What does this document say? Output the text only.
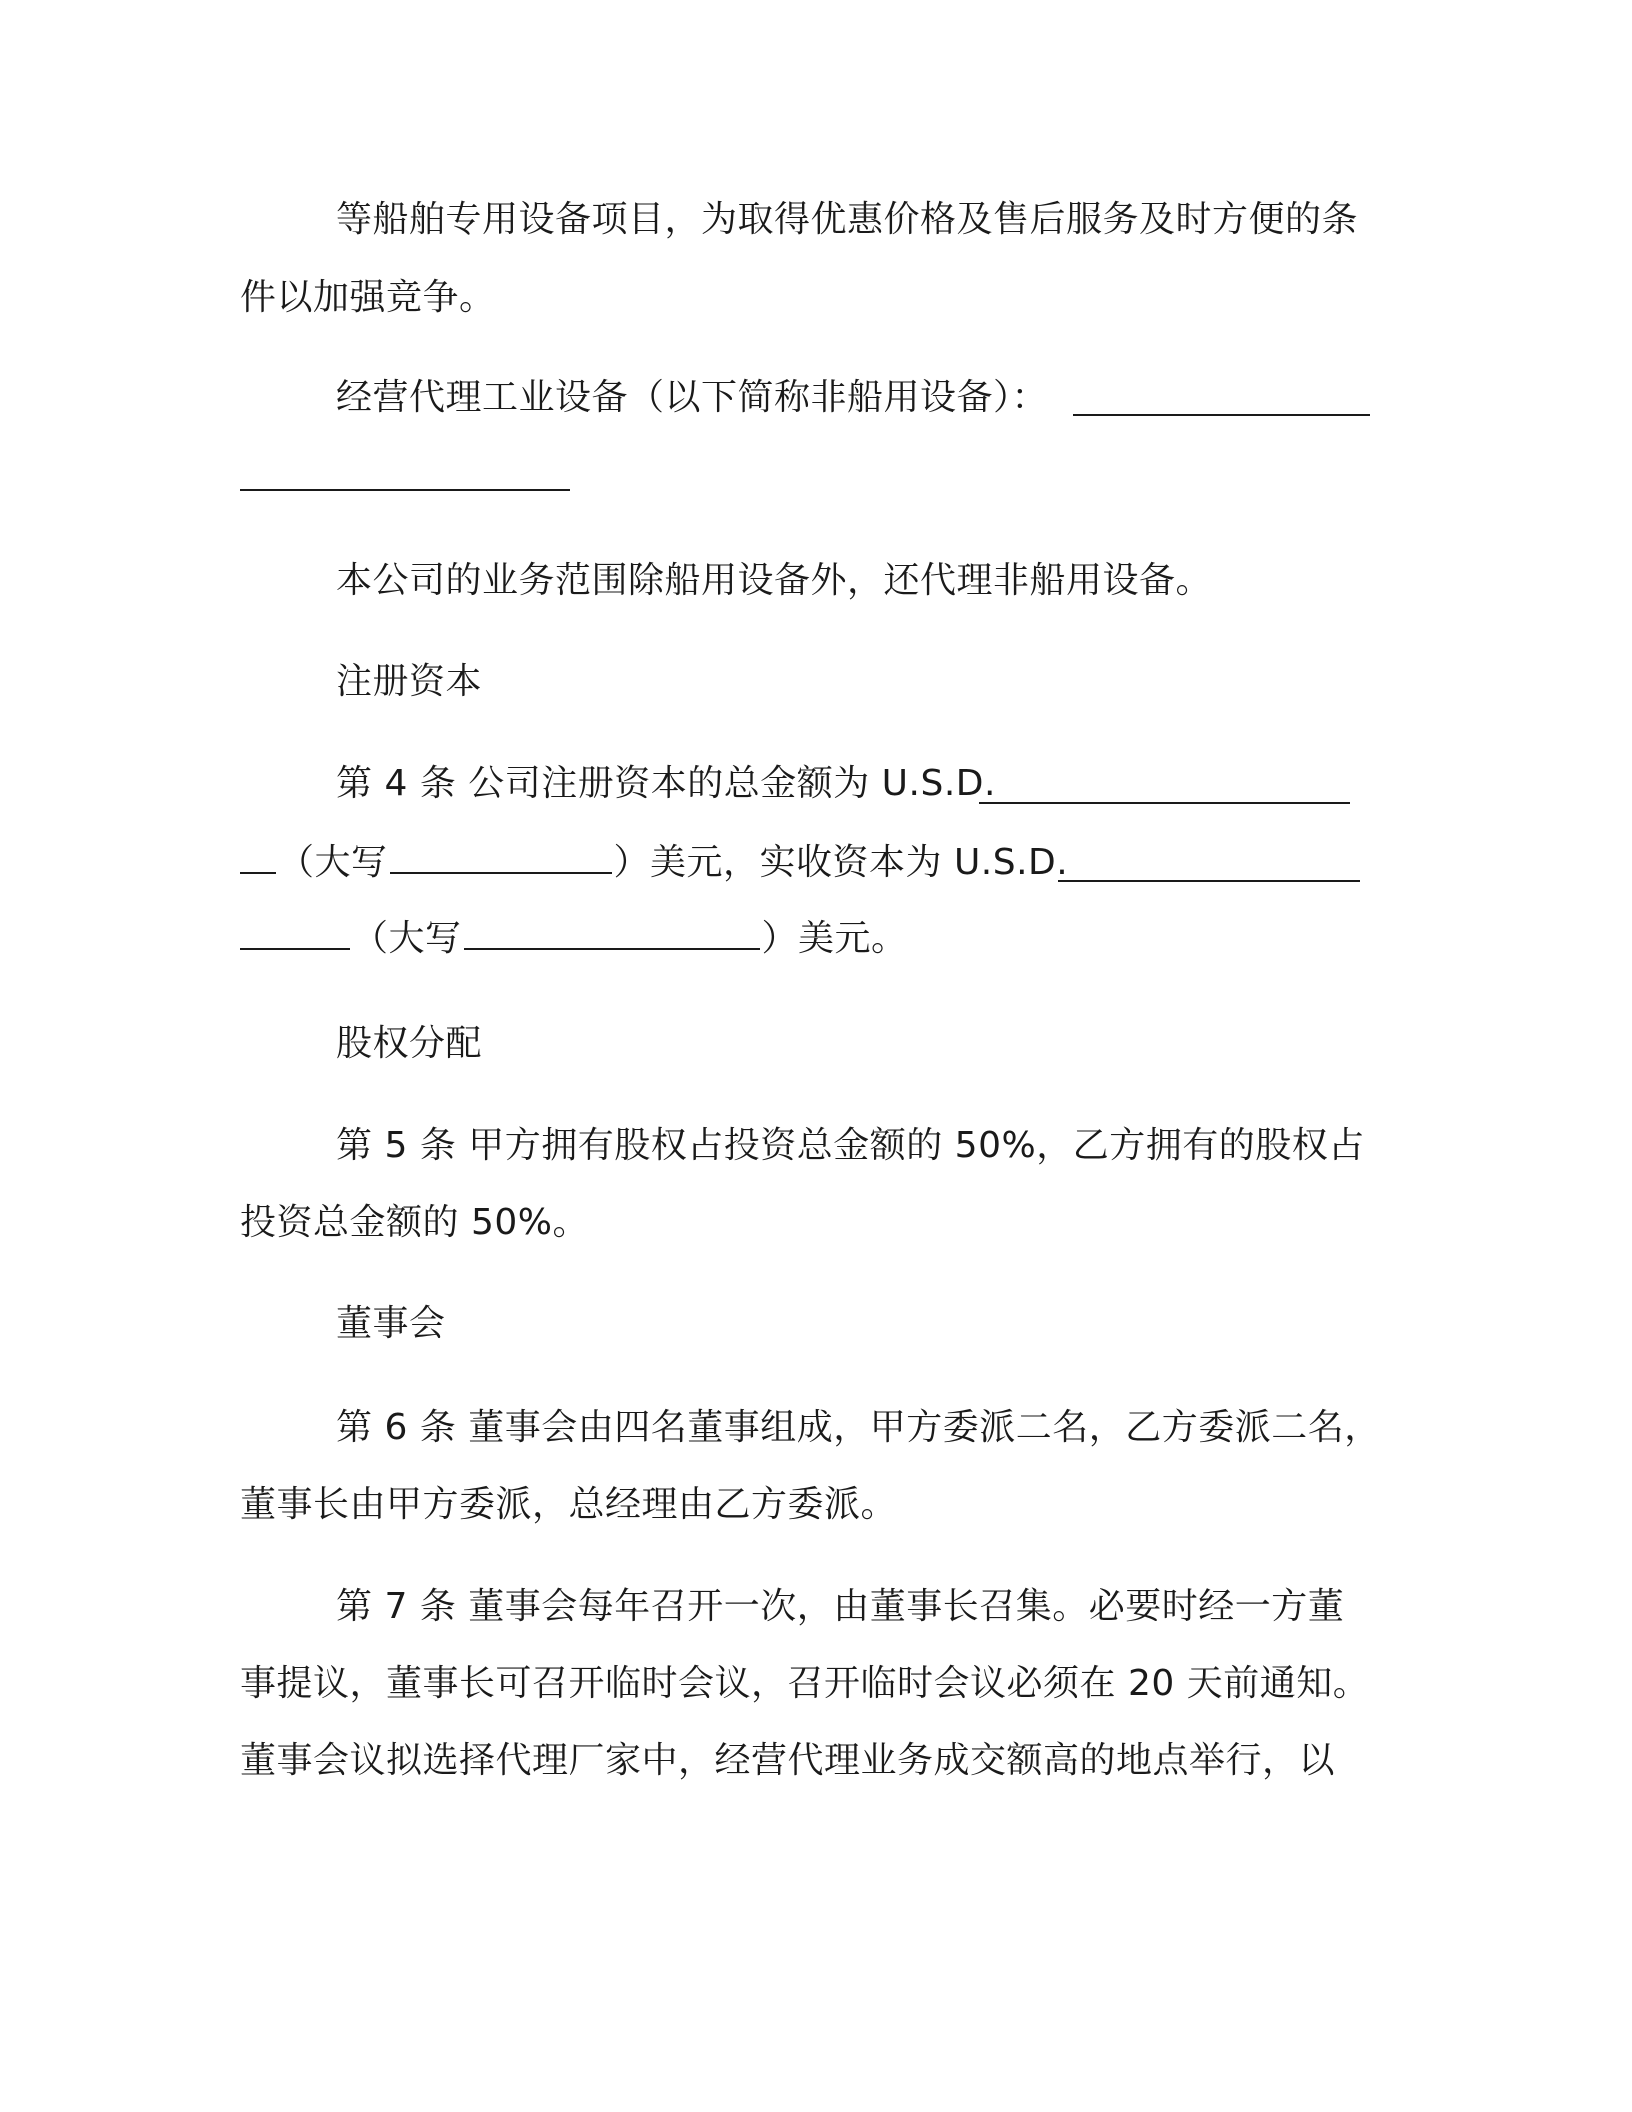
等船舶专用设备项目，为取得优惠价格及售后服务及时方便的条
件以加强竞争。
经营代理工业设备（以下简称非船用设备）：
本公司的业务范围除船用设备外，还代理非船用设备。
注册资本
第 4 条 公司注册资本的总金额为 U.S.D.
（大写	）美元，实收资本为 U.S.D.
（大写	）美元。
股权分配
第 5 条 甲方拥有股权占投资总金额的 50%，乙方拥有的股权占
投资总金额的 50%。
董事会
第 6 条 董事会由四名董事组成，甲方委派二名，乙方委派二名，
董事长由甲方委派，总经理由乙方委派。
第 7 条 董事会每年召开一次，由董事长召集。必要时经一方董
事提议，董事长可召开临时会议，召开临时会议必须在 20 天前通知。
董事会议拟选择代理厂家中，经营代理业务成交额高的地点举行，以
